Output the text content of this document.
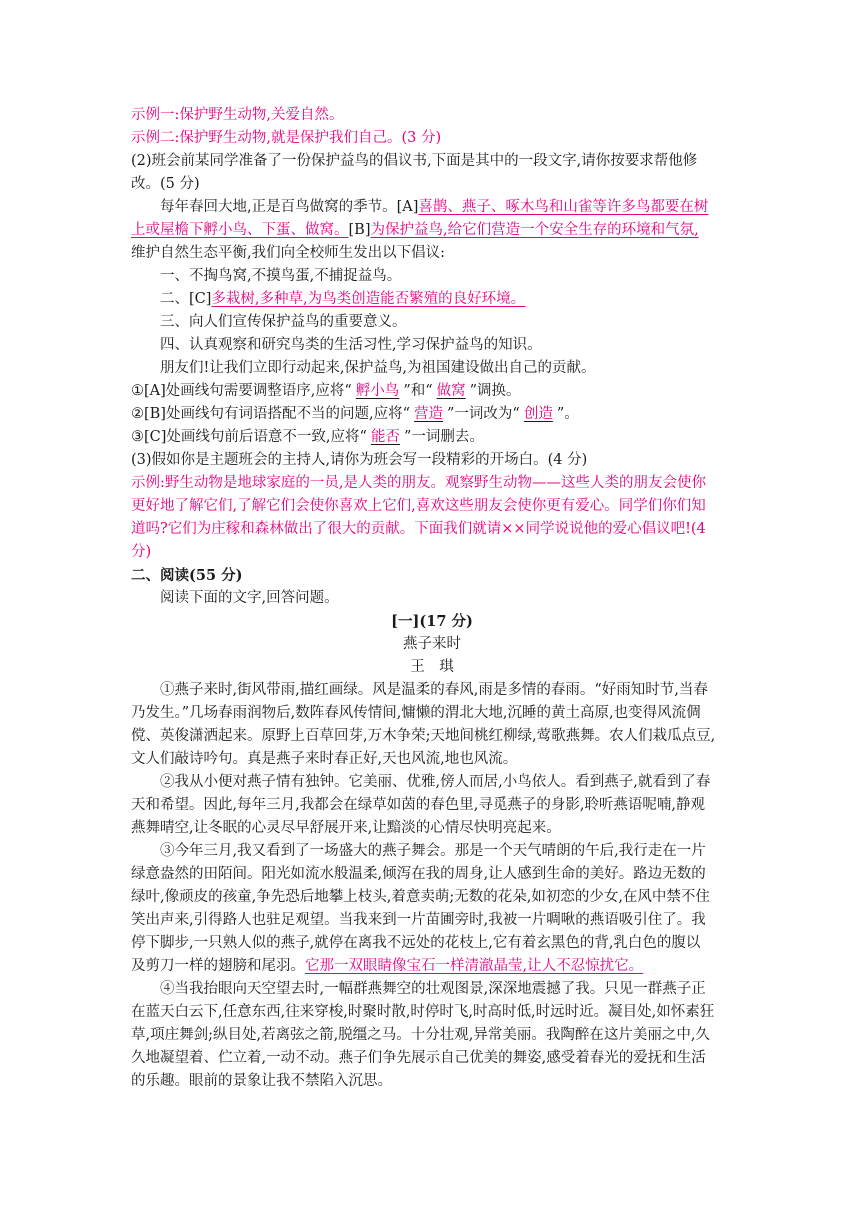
示例一:保护野生动物,关爱自然。
示例二:保护野生动物,就是保护我们自己。(3 分)
(2)班会前某同学准备了一份保护益鸟的倡议书,下面是其中的一段文字,请你按要求帮他修
改。(5 分)
每年春回大地,正是百鸟做窝的季节。[A]喜鹊、燕子、啄木鸟和山雀等许多鸟都要在树
上或屋檐下孵小鸟、下蛋、做窝。[B]为保护益鸟,给它们营造一个安全生存的环境和气氛,
维护自然生态平衡,我们向全校师生发出以下倡议:
一、不掏鸟窝,不摸鸟蛋,不捕捉益鸟。
二、[C]多栽树,多种草,为鸟类创造能否繁殖的良好环境。
三、向人们宣传保护益鸟的重要意义。
四、认真观察和研究鸟类的生活习性,学习保护益鸟的知识。
朋友们!让我们立即行动起来,保护益鸟,为祖国建设做出自己的贡献。
①[A]处画线句需要调整语序,应将“ 孵小鸟 ”和“ 做窝 ”调换。
②[B]处画线句有词语搭配不当的问题,应将“ 营造 ”一词改为“ 创造 ”。
③[C]处画线句前后语意不一致,应将“ 能否 ”一词删去。
(3)假如你是主题班会的主持人,请你为班会写一段精彩的开场白。(4 分)
示例:野生动物是地球家庭的一员,是人类的朋友。观察野生动物——这些人类的朋友会使你
更好地了解它们,了解它们会使你喜欢上它们,喜欢这些朋友会使你更有爱心。同学们你们知
道吗?它们为庄稼和森林做出了很大的贡献。下面我们就请××同学说说他的爱心倡议吧!(4
分)
二、阅读(55 分)
阅读下面的文字,回答问题。
[一](17 分)
燕子来时
王　琪
①燕子来时,街风带雨,描红画绿。风是温柔的春风,雨是多情的春雨。“好雨知时节,当春
乃发生。”几场春雨润物后,数阵春风传情间,慵懒的渭北大地,沉睡的黄土高原,也变得风流倜
傥、英俊潇洒起来。原野上百草回芽,万木争荣;天地间桃红柳绿,莺歌燕舞。农人们栽瓜点豆,
文人们敲诗吟句。真是燕子来时春正好,天也风流,地也风流。
②我从小便对燕子情有独钟。它美丽、优雅,傍人而居,小鸟依人。看到燕子,就看到了春
天和希望。因此,每年三月,我都会在绿草如茵的春色里,寻觅燕子的身影,聆听燕语呢喃,静观
燕舞晴空,让冬眠的心灵尽早舒展开来,让黯淡的心情尽快明亮起来。
③今年三月,我又看到了一场盛大的燕子舞会。那是一个天气晴朗的午后,我行走在一片
绿意盎然的田陌间。阳光如流水般温柔,倾泻在我的周身,让人感到生命的美好。路边无数的
绿叶,像顽皮的孩童,争先恐后地攀上枝头,着意卖萌;无数的花朵,如初恋的少女,在风中禁不住
笑出声来,引得路人也驻足观望。当我来到一片苗圃旁时,我被一片啁啾的燕语吸引住了。我
停下脚步,一只熟人似的燕子,就停在离我不远处的花枝上,它有着玄黑色的背,乳白色的腹以
及剪刀一样的翅膀和尾羽。它那一双眼睛像宝石一样清澈晶莹,让人不忍惊扰它。
④当我抬眼向天空望去时,一幅群燕舞空的壮观图景,深深地震撼了我。只见一群燕子正
在蓝天白云下,任意东西,往来穿梭,时聚时散,时停时飞,时高时低,时远时近。凝目处,如怀素狂
草,项庄舞剑;纵目处,若离弦之箭,脱缰之马。十分壮观,异常美丽。我陶醉在这片美丽之中,久
久地凝望着、伫立着,一动不动。燕子们争先展示自己优美的舞姿,感受着春光的爱抚和生活
的乐趣。眼前的景象让我不禁陷入沉思。
